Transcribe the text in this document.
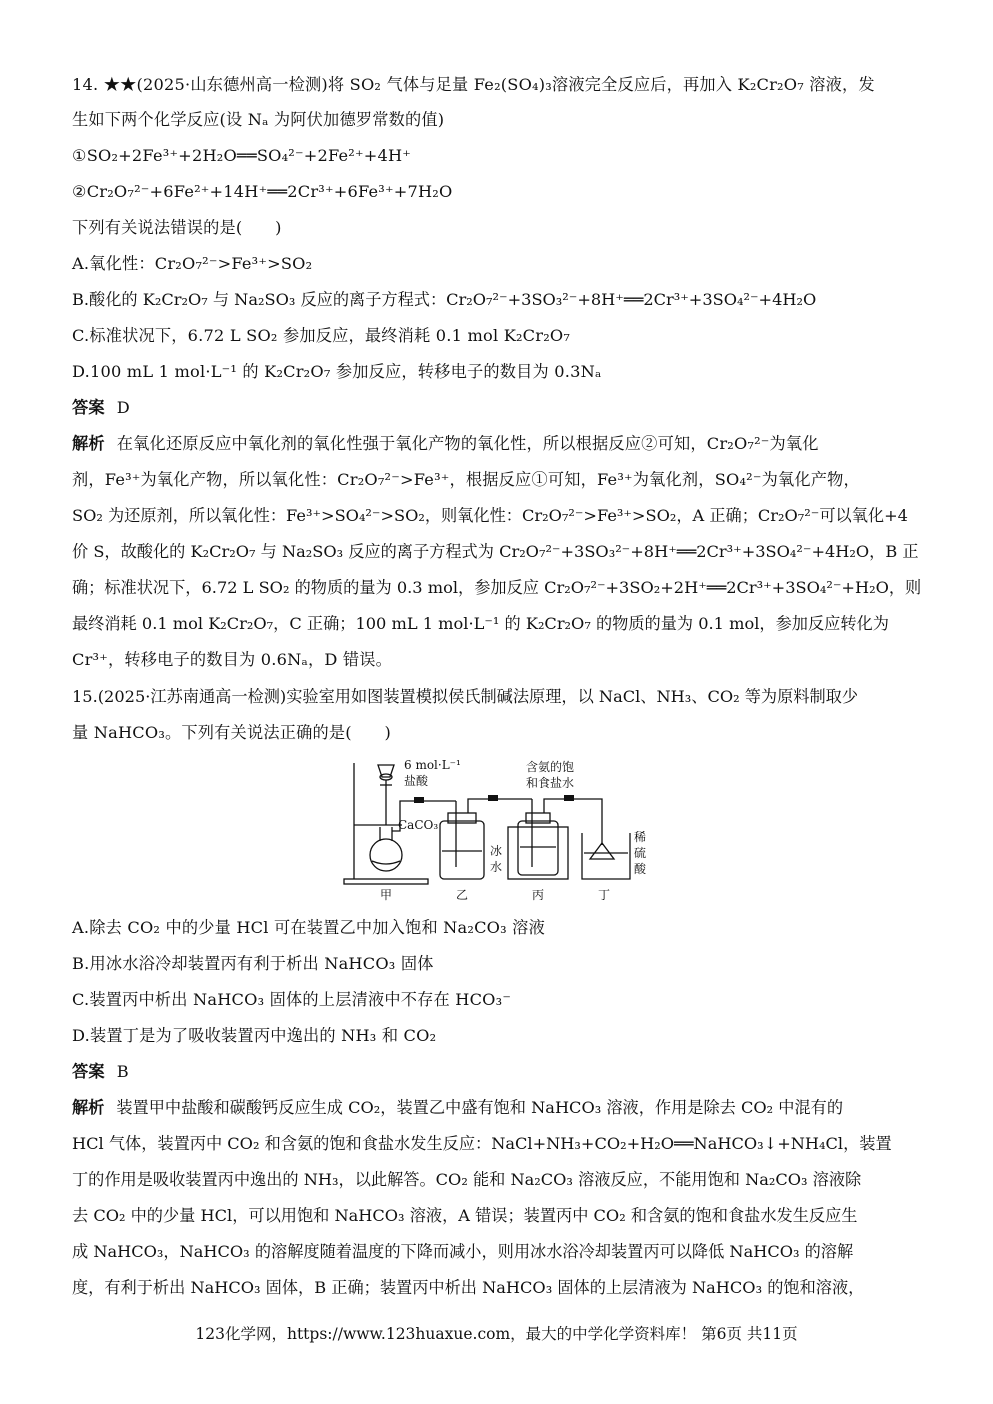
14. ★★(2025·山东德州高一检测)将 SO₂ 气体与足量 Fe₂(SO₄)₃溶液完全反应后，再加入 K₂Cr₂O₇ 溶液，发
生如下两个化学反应(设 Nₐ 为阿伏加德罗常数的值)
①SO₂+2Fe³⁺+2H₂O══SO₄²⁻+2Fe²⁺+4H⁺
②Cr₂O₇²⁻+6Fe²⁺+14H⁺══2Cr³⁺+6Fe³⁺+7H₂O
下列有关说法错误的是(　　)
A.氧化性：Cr₂O₇²⁻>Fe³⁺>SO₂
B.酸化的 K₂Cr₂O₇ 与 Na₂SO₃ 反应的离子方程式：Cr₂O₇²⁻+3SO₃²⁻+8H⁺══2Cr³⁺+3SO₄²⁻+4H₂O
C.标准状况下，6.72 L SO₂ 参加反应，最终消耗 0.1 mol K₂Cr₂O₇
D.100 mL 1 mol·L⁻¹ 的 K₂Cr₂O₇ 参加反应，转移电子的数目为 0.3Nₐ
答案 D
解析 在氧化还原反应中氧化剂的氧化性强于氧化产物的氧化性，所以根据反应②可知，Cr₂O₇²⁻为氧化
剂，Fe³⁺为氧化产物，所以氧化性：Cr₂O₇²⁻>Fe³⁺，根据反应①可知，Fe³⁺为氧化剂，SO₄²⁻为氧化产物，
SO₂ 为还原剂，所以氧化性：Fe³⁺>SO₄²⁻>SO₂，则氧化性：Cr₂O₇²⁻>Fe³⁺>SO₂，A 正确；Cr₂O₇²⁻可以氧化+4
价 S，故酸化的 K₂Cr₂O₇ 与 Na₂SO₃ 反应的离子方程式为 Cr₂O₇²⁻+3SO₃²⁻+8H⁺══2Cr³⁺+3SO₄²⁻+4H₂O，B 正
确；标准状况下，6.72 L SO₂ 的物质的量为 0.3 mol，参加反应 Cr₂O₇²⁻+3SO₂+2H⁺══2Cr³⁺+3SO₄²⁻+H₂O，则
最终消耗 0.1 mol K₂Cr₂O₇，C 正确；100 mL 1 mol·L⁻¹ 的 K₂Cr₂O₇ 的物质的量为 0.1 mol，参加反应转化为
Cr³⁺，转移电子的数目为 0.6Nₐ，D 错误。
15.(2025·江苏南通高一检测)实验室用如图装置模拟侯氏制碱法原理，以 NaCl、NH₃、CO₂ 等为原料制取少
量 NaHCO₃。下列有关说法正确的是(　　)
6 mol·L⁻¹
盐酸
CaCO₃
含氨的饱
和食盐水
冰
水
稀
硫
酸
甲	乙	丙	丁
A.除去 CO₂ 中的少量 HCl 可在装置乙中加入饱和 Na₂CO₃ 溶液
B.用冰水浴冷却装置丙有利于析出 NaHCO₃ 固体
C.装置丙中析出 NaHCO₃ 固体的上层清液中不存在 HCO₃⁻
D.装置丁是为了吸收装置丙中逸出的 NH₃ 和 CO₂
答案 B
解析 装置甲中盐酸和碳酸钙反应生成 CO₂，装置乙中盛有饱和 NaHCO₃ 溶液，作用是除去 CO₂ 中混有的
HCl 气体，装置丙中 CO₂ 和含氨的饱和食盐水发生反应：NaCl+NH₃+CO₂+H₂O══NaHCO₃↓+NH₄Cl，装置
丁的作用是吸收装置丙中逸出的 NH₃，以此解答。CO₂ 能和 Na₂CO₃ 溶液反应，不能用饱和 Na₂CO₃ 溶液除
去 CO₂ 中的少量 HCl，可以用饱和 NaHCO₃ 溶液，A 错误；装置丙中 CO₂ 和含氨的饱和食盐水发生反应生
成 NaHCO₃，NaHCO₃ 的溶解度随着温度的下降而减小，则用冰水浴冷却装置丙可以降低 NaHCO₃ 的溶解
度，有利于析出 NaHCO₃ 固体，B 正确；装置丙中析出 NaHCO₃ 固体的上层清液为 NaHCO₃ 的饱和溶液，
123化学网，https://www.123huaxue.com，最大的中学化学资料库！ 第6页 共11页
